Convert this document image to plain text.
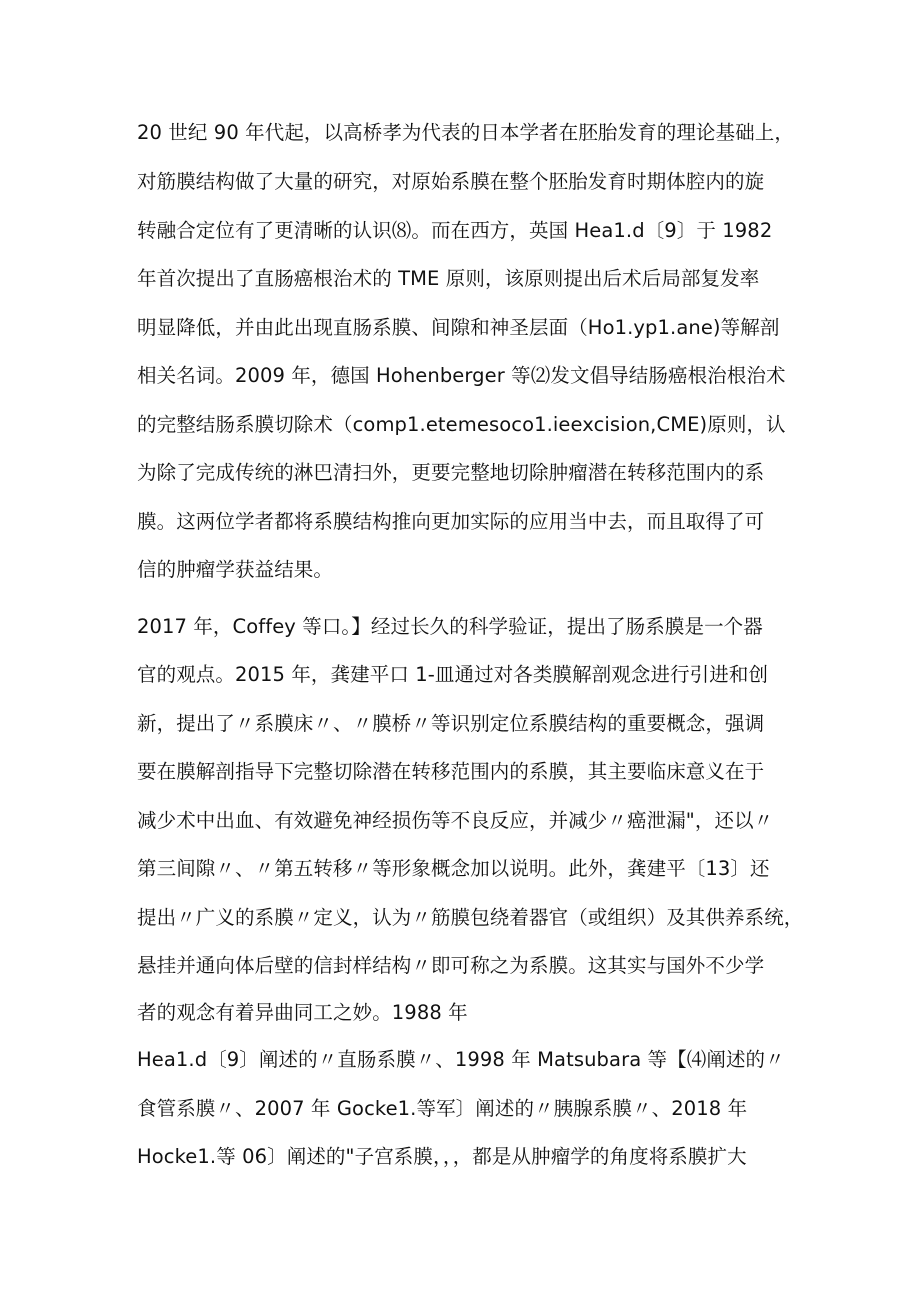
20 世纪 90 年代起，以高桥孝为代表的日本学者在胚胎发育的理论基础上，
对筋膜结构做了大量的研究，对原始系膜在整个胚胎发育时期体腔内的旋
转融合定位有了更清晰的认识⑻。而在西方，英国 Hea1.d〔9〕于 1982
年首次提出了直肠癌根治术的 TME 原则，该原则提出后术后局部复发率
明显降低，并由此出现直肠系膜、间隙和神圣层面（Ho1.yp1.ane)等解剖
相关名词。2009 年，德国 Hohenberger 等⑵发文倡导结肠癌根治根治术
的完整结肠系膜切除术（comp1.etemesoco1.ieexcision,CME)原则，认
为除了完成传统的淋巴清扫外，更要完整地切除肿瘤潜在转移范围内的系
膜。这两位学者都将系膜结构推向更加实际的应用当中去，而且取得了可
信的肿瘤学获益结果。
2017 年，Coffey 等口。】经过长久的科学验证，提出了肠系膜是一个器
官的观点。2015 年，龚建平口 1-皿通过对各类膜解剖观念进行引进和创
新，提出了〃系膜床〃、〃膜桥〃等识别定位系膜结构的重要概念，强调
要在膜解剖指导下完整切除潜在转移范围内的系膜，其主要临床意义在于
减少术中出血、有效避免神经损伤等不良反应，并减少〃癌泄漏"，还以〃
第三间隙〃、〃第五转移〃等形象概念加以说明。此外，龚建平〔13〕还
提出〃广义的系膜〃定义，认为〃筋膜包绕着器官（或组织）及其供养系统，
悬挂并通向体后壁的信封样结构〃即可称之为系膜。这其实与国外不少学
者的观念有着异曲同工之妙。1988 年
Hea1.d〔9〕阐述的〃直肠系膜〃、1998 年 Matsubara 等【⑷阐述的〃
食管系膜〃、2007 年 Gocke1.等军〕阐述的〃胰腺系膜〃、2018 年
Hocke1.等 06〕阐述的"子宫系膜，，，都是从肿瘤学的角度将系膜扩大
